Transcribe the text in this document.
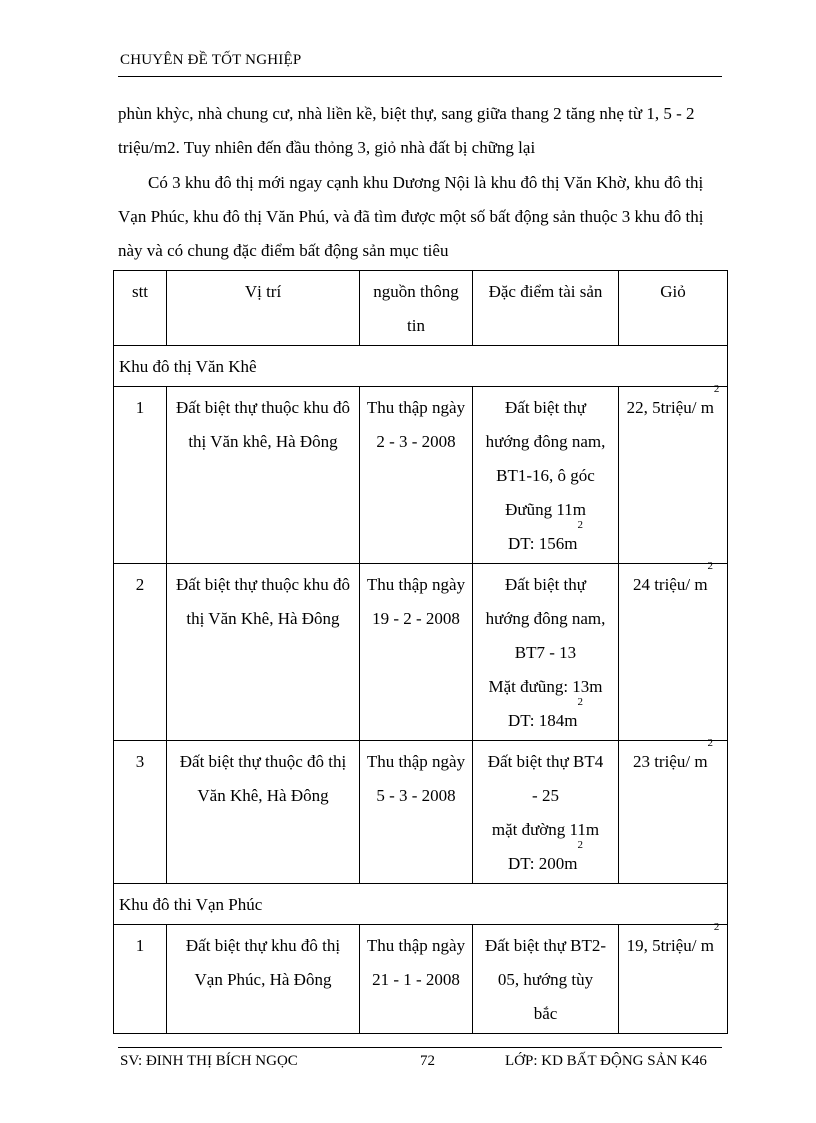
CHUYÊN ĐỀ TỐT NGHIỆP
phùn khỳc, nhà chung cư, nhà liền kề, biệt thự, sang giữa thang 2 tăng nhẹ từ 1, 5 - 2 triệu/m2. Tuy nhiên đến đầu thỏng 3, giỏ nhà đất bị chững lại
Có 3 khu đô thị mới ngay cạnh khu Dương Nội là khu đô thị Văn Khờ, khu đô thị Vạn Phúc, khu đô thị Văn Phú, và đã tìm được một số bất động sản thuộc 3 khu đô thị này và có chung đặc điểm bất động sản mục tiêu
stt	Vị trí	nguồn thông tin	Đặc điểm tài sản	Giỏ
Khu đô thị Văn Khê				
1	Đất biệt thự thuộc khu đô thị Văn khê, Hà Đông	Thu thập ngày 2 - 3 - 2008	Đất biệt thự
hướng đông nam,
BT1-16, ô góc
Đưũng 11m
DT: $156m^2$	22, 5triệu/ $m^2$
2	Đất biệt thự thuộc khu đô thị Văn Khê, Hà Đông	Thu thập ngày 19 - 2 - 2008	Đất biệt thự
hướng đông nam,
BT7 - 13
Mặt đưũng: 13m
DT: $184m^2$	24 triệu/ $m^2$
3	Đất biệt thự thuộc đô thị Văn Khê, Hà Đông	Thu thập ngày 5 - 3 - 2008	Đất biệt thự BT4
- 25
mặt đường 11m
DT: $200m^2$	23 triệu/ $m^2$
Khu đô thi Vạn Phúc				
1	Đất biệt thự khu đô thị Vạn Phúc, Hà Đông	Thu thập ngày 21 - 1 - 2008	Đất biệt thự BT2-
05, hướng tùy
bắc	19, 5triệu/ $m^2$
SV: ĐINH THỊ BÍCH NGỌC	72	LỚP: KD BẤT ĐỘNG SẢN K46
